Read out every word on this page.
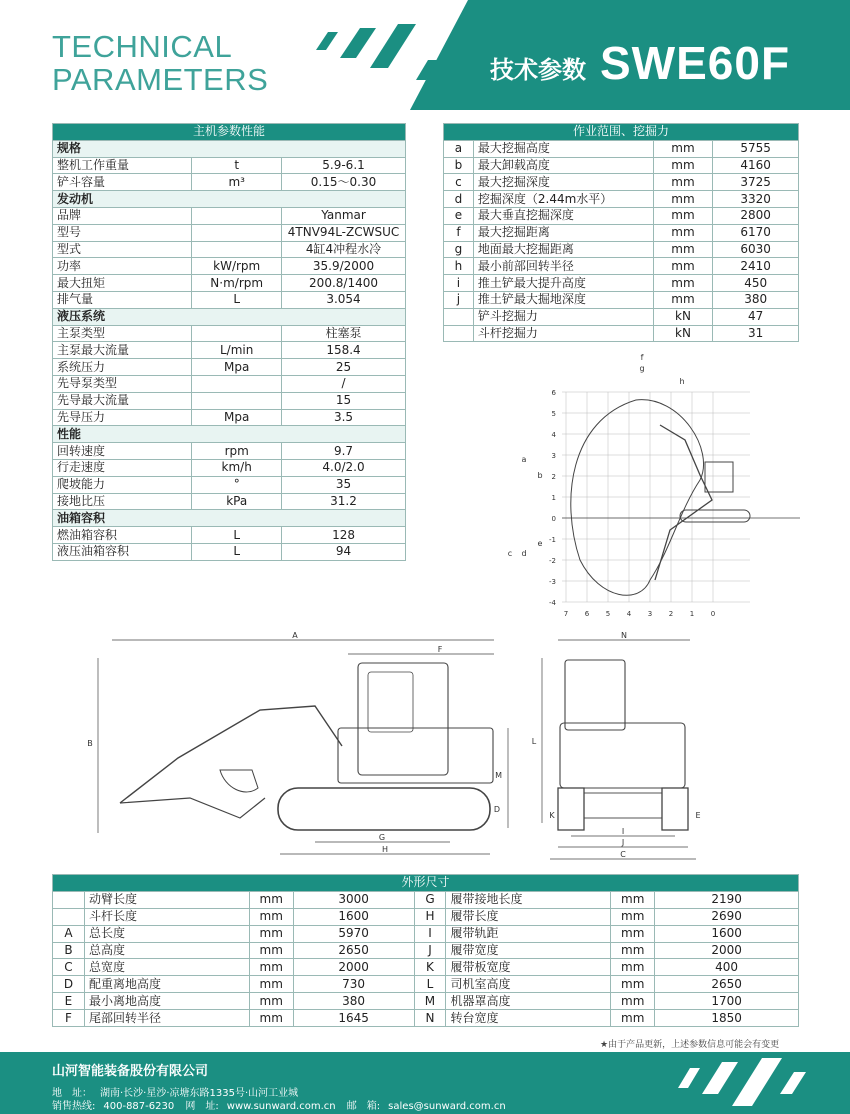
TECHNICAL
PARAMETERS	技术参数 SWE60F
主机参数性能		
规格		
整机工作重量	t	5.9-6.1
铲斗容量	m³	0.15～0.30
发动机		
品牌		Yanmar
型号		4TNV94L-ZCWSUC
型式		4缸4冲程水冷
功率	kW/rpm	35.9/2000
最大扭矩	N·m/rpm	200.8/1400
排气量	L	3.054
液压系统		
主泵类型		柱塞泵
主泵最大流量	L/min	158.4
系统压力	Mpa	25
先导泵类型		/
先导最大流量		15
先导压力	Mpa	3.5
性能		
回转速度	rpm	9.7
行走速度	km/h	4.0/2.0
爬坡能力	°	35
接地比压	kPa	31.2
油箱容积		
燃油箱容积	L	128
液压油箱容积	L	94
作业范围、挖掘力			
a	最大挖掘高度	mm	5755
b	最大卸载高度	mm	4160
c	最大挖掘深度	mm	3725
d	挖掘深度（2.44m水平）	mm	3320
e	最大垂直挖掘深度	mm	2800
f	最大挖掘距离	mm	6170
g	地面最大挖掘距离	mm	6030
h	最小前部回转半径	mm	2410
i	推土铲最大提升高度	mm	450
j	推土铲最大掘地深度	mm	380
	铲斗挖掘力	kN	47
	斗杆挖掘力	kN	31
6
5
4
3
2
1
0
-1
-2
-3
-4
7 6 5 4 3 2 1 0
f
g
h
a
b
c d
e
A
F
B
M
D
G
H
N
L
K	E
I
J
C
外形尺寸							
	动臂长度	mm	3000	G	履带接地长度	mm	2190
	斗杆长度	mm	1600	H	履带长度	mm	2690
A	总长度	mm	5970	I	履带轨距	mm	1600
B	总高度	mm	2650	J	履带宽度	mm	2000
C	总宽度	mm	2000	K	履带板宽度	mm	400
D	配重离地高度	mm	730	L	司机室高度	mm	2650
E	最小离地高度	mm	380	M	机器罩高度	mm	1700
F	尾部回转半径	mm	1645	N	转台宽度	mm	1850
★由于产品更新，上述参数信息可能会有变更
山河智能装备股份有限公司
地　址： 湖南·长沙·星沙·凉塘东路1335号·山河工业城
销售热线: 400-887-6230 网　址: www.sunward.com.cn 邮　箱: sales@sunward.com.cn
